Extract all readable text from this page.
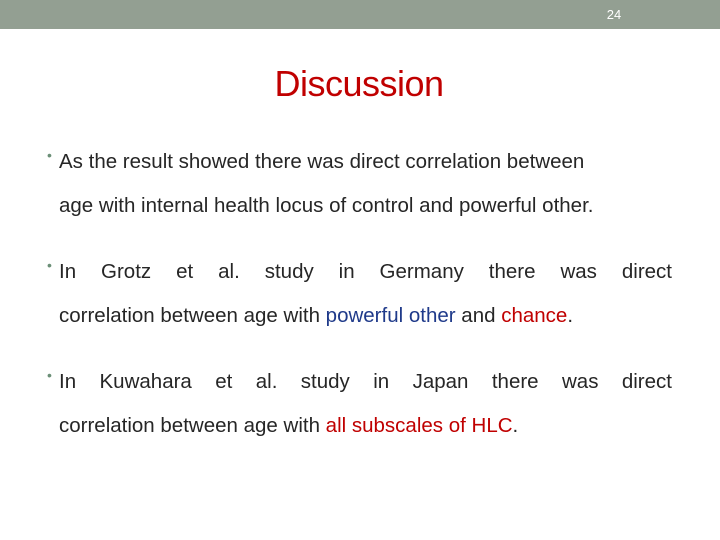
24
Discussion
• As the result showed there was direct correlation between
age with internal health locus of control and powerful other.
• In Grotz et al. study in Germany there was direct
correlation between age with powerful other and chance.
• In Kuwahara et al. study in Japan there was direct
correlation between age with all subscales of HLC.
